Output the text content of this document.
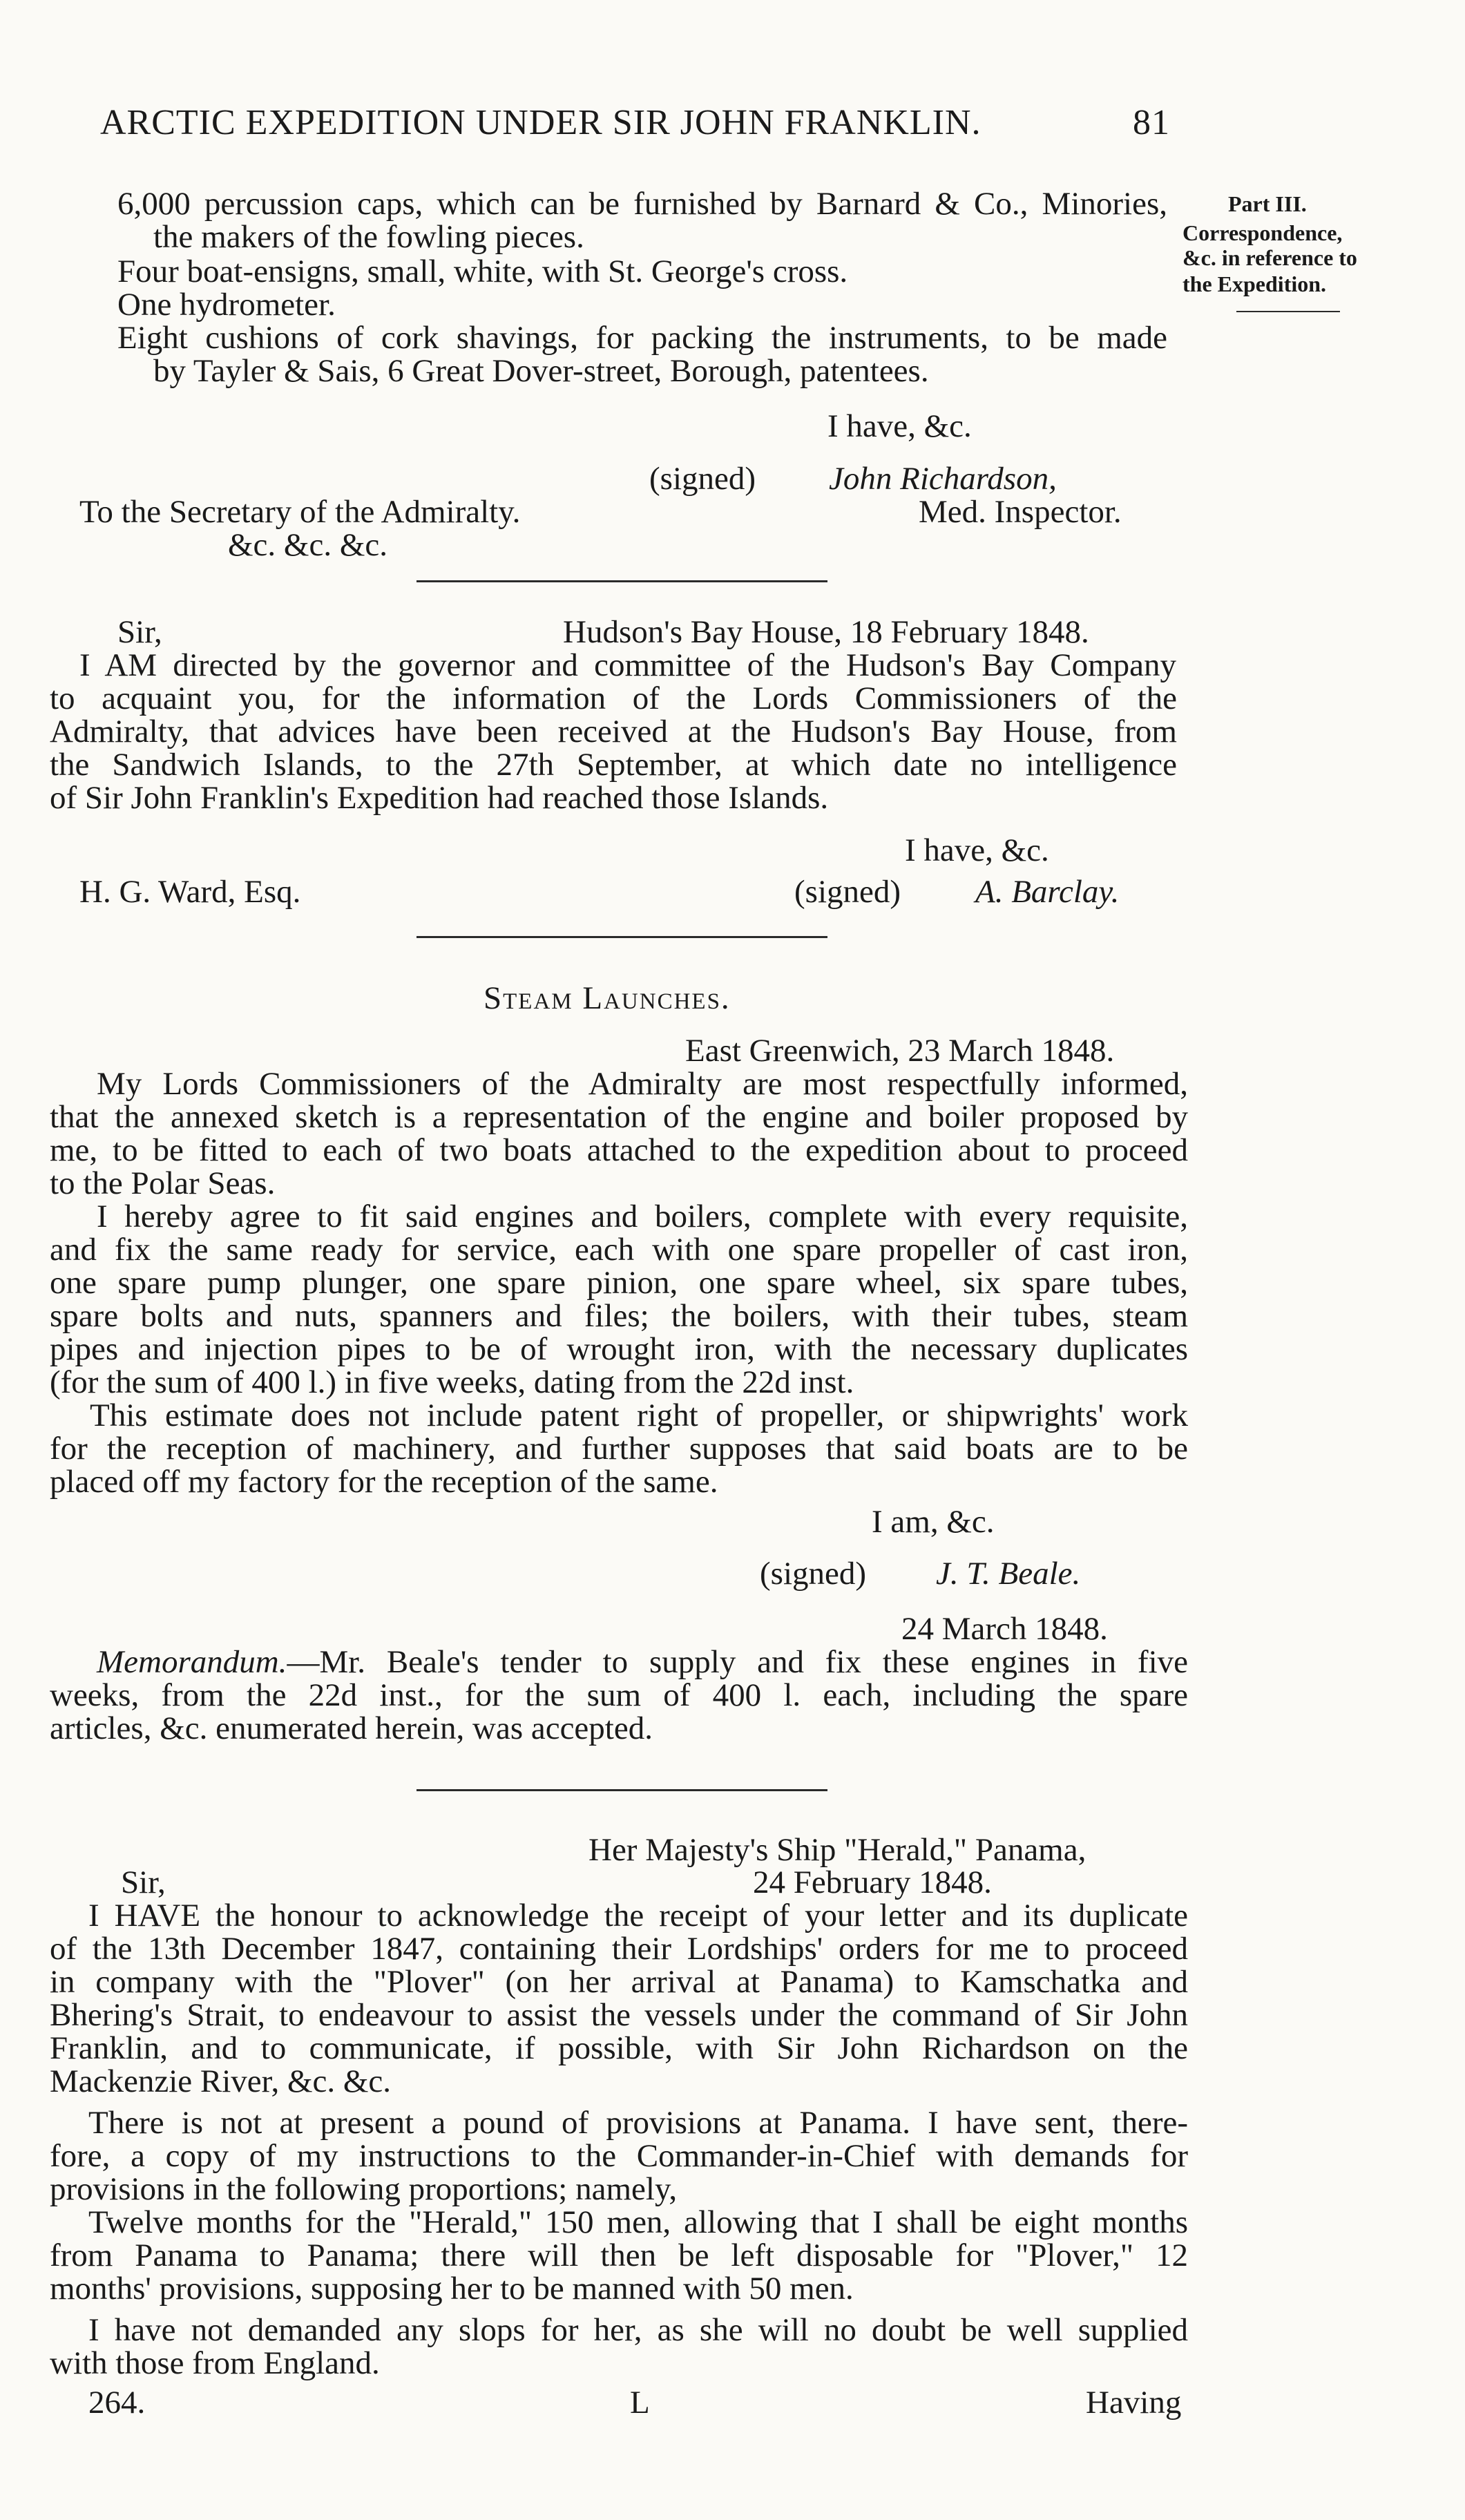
ARCTIC EXPEDITION UNDER SIR JOHN FRANKLIN.	81
Part III.
Correspondence,
&c. in reference to
the Expedition.
6,000 percussion caps, which can be furnished by Barnard & Co., Minories,
the makers of the fowling pieces.
Four boat-ensigns, small, white, with St. George's cross.
One hydrometer.
Eight cushions of cork shavings, for packing the instruments, to be made
by Tayler & Sais, 6 Great Dover-street, Borough, patentees.
I have, &c.
(signed) John Richardson,
To the Secretary of the Admiralty.	Med. Inspector.
&c. &c. &c.
Sir,	Hudson's Bay House, 18 February 1848.
I AM directed by the governor and committee of the Hudson's Bay Company
to acquaint you, for the information of the Lords Commissioners of the
Admiralty, that advices have been received at the Hudson's Bay House, from
the Sandwich Islands, to the 27th September, at which date no intelligence
of Sir John Franklin's Expedition had reached those Islands.
I have, &c.
H. G. Ward, Esq.	(signed) A. Barclay.
Steam Launches.
East Greenwich, 23 March 1848.
My Lords Commissioners of the Admiralty are most respectfully informed,
that the annexed sketch is a representation of the engine and boiler proposed by
me, to be fitted to each of two boats attached to the expedition about to proceed
to the Polar Seas.
I hereby agree to fit said engines and boilers, complete with every requisite,
and fix the same ready for service, each with one spare propeller of cast iron,
one spare pump plunger, one spare pinion, one spare wheel, six spare tubes,
spare bolts and nuts, spanners and files; the boilers, with their tubes, steam
pipes and injection pipes to be of wrought iron, with the necessary duplicates
(for the sum of 400 l.) in five weeks, dating from the 22d inst.
This estimate does not include patent right of propeller, or shipwrights' work
for the reception of machinery, and further supposes that said boats are to be
placed off my factory for the reception of the same.
I am, &c.
(signed) J. T. Beale.
24 March 1848.
Memorandum. —Mr. Beale's tender to supply and fix these engines in five
weeks, from the 22d inst., for the sum of 400 l. each, including the spare
articles, &c. enumerated herein, was accepted.
Her Majesty's Ship "Herald," Panama,
Sir,	24 February 1848.
I HAVE the honour to acknowledge the receipt of your letter and its duplicate
of the 13th December 1847, containing their Lordships' orders for me to proceed
in company with the "Plover" (on her arrival at Panama) to Kamschatka and
Bhering's Strait, to endeavour to assist the vessels under the command of Sir John
Franklin, and to communicate, if possible, with Sir John Richardson on the
Mackenzie River, &c. &c.
There is not at present a pound of provisions at Panama. I have sent, there-
fore, a copy of my instructions to the Commander-in-Chief with demands for
provisions in the following proportions; namely,
Twelve months for the "Herald," 150 men, allowing that I shall be eight months
from Panama to Panama; there will then be left disposable for "Plover," 12
months' provisions, supposing her to be manned with 50 men.
I have not demanded any slops for her, as she will no doubt be well supplied
with those from England.
264.	L	Having
